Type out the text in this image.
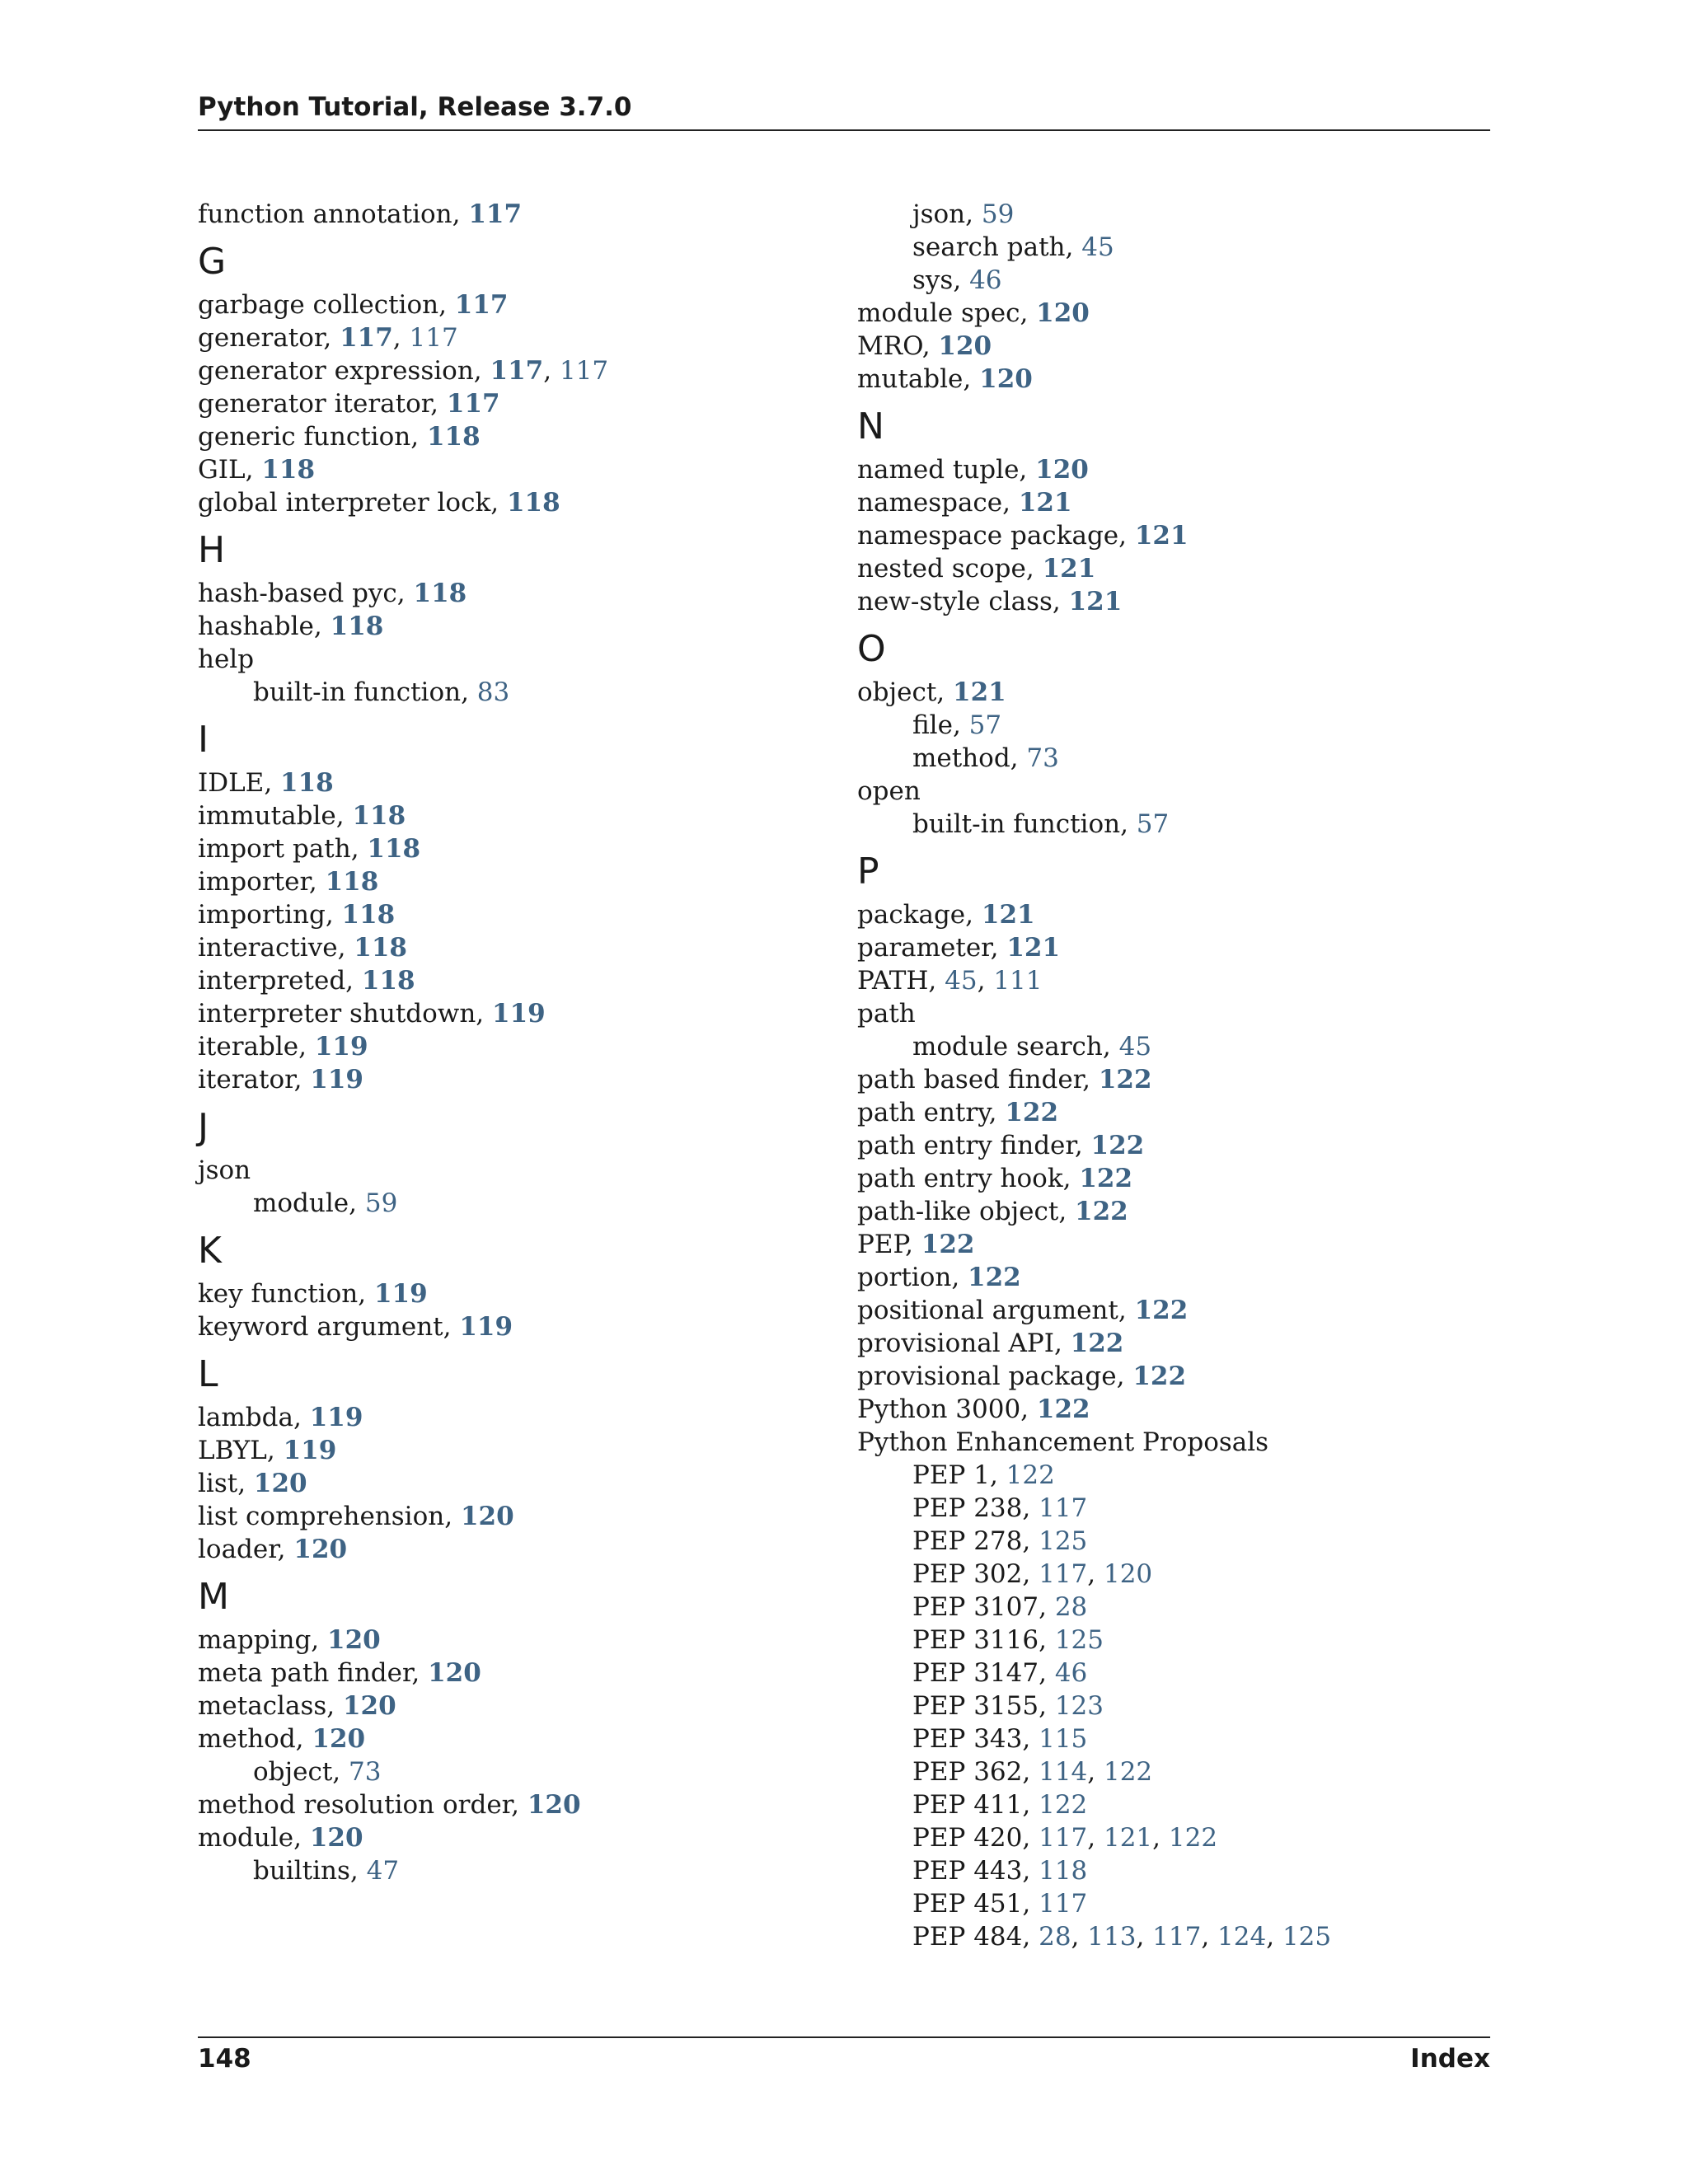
Python Tutorial, Release 3.7.0
function annotation, 117
G
garbage collection, 117
generator, 117, 117
generator expression, 117, 117
generator iterator, 117
generic function, 118
GIL, 118
global interpreter lock, 118
H
hash-based pyc, 118
hashable, 118
help
built-in function, 83
I
IDLE, 118
immutable, 118
import path, 118
importer, 118
importing, 118
interactive, 118
interpreted, 118
interpreter shutdown, 119
iterable, 119
iterator, 119
J
json
module, 59
K
key function, 119
keyword argument, 119
L
lambda, 119
LBYL, 119
list, 120
list comprehension, 120
loader, 120
M
mapping, 120
meta path finder, 120
metaclass, 120
method, 120
object, 73
method resolution order, 120
module, 120
builtins, 47
json, 59
search path, 45
sys, 46
module spec, 120
MRO, 120
mutable, 120
N
named tuple, 120
namespace, 121
namespace package, 121
nested scope, 121
new-style class, 121
O
object, 121
file, 57
method, 73
open
built-in function, 57
P
package, 121
parameter, 121
PATH, 45, 111
path
module search, 45
path based finder, 122
path entry, 122
path entry finder, 122
path entry hook, 122
path-like object, 122
PEP, 122
portion, 122
positional argument, 122
provisional API, 122
provisional package, 122
Python 3000, 122
Python Enhancement Proposals
PEP 1, 122
PEP 238, 117
PEP 278, 125
PEP 302, 117, 120
PEP 3107, 28
PEP 3116, 125
PEP 3147, 46
PEP 3155, 123
PEP 343, 115
PEP 362, 114, 122
PEP 411, 122
PEP 420, 117, 121, 122
PEP 443, 118
PEP 451, 117
PEP 484, 28, 113, 117, 124, 125
148	Index
